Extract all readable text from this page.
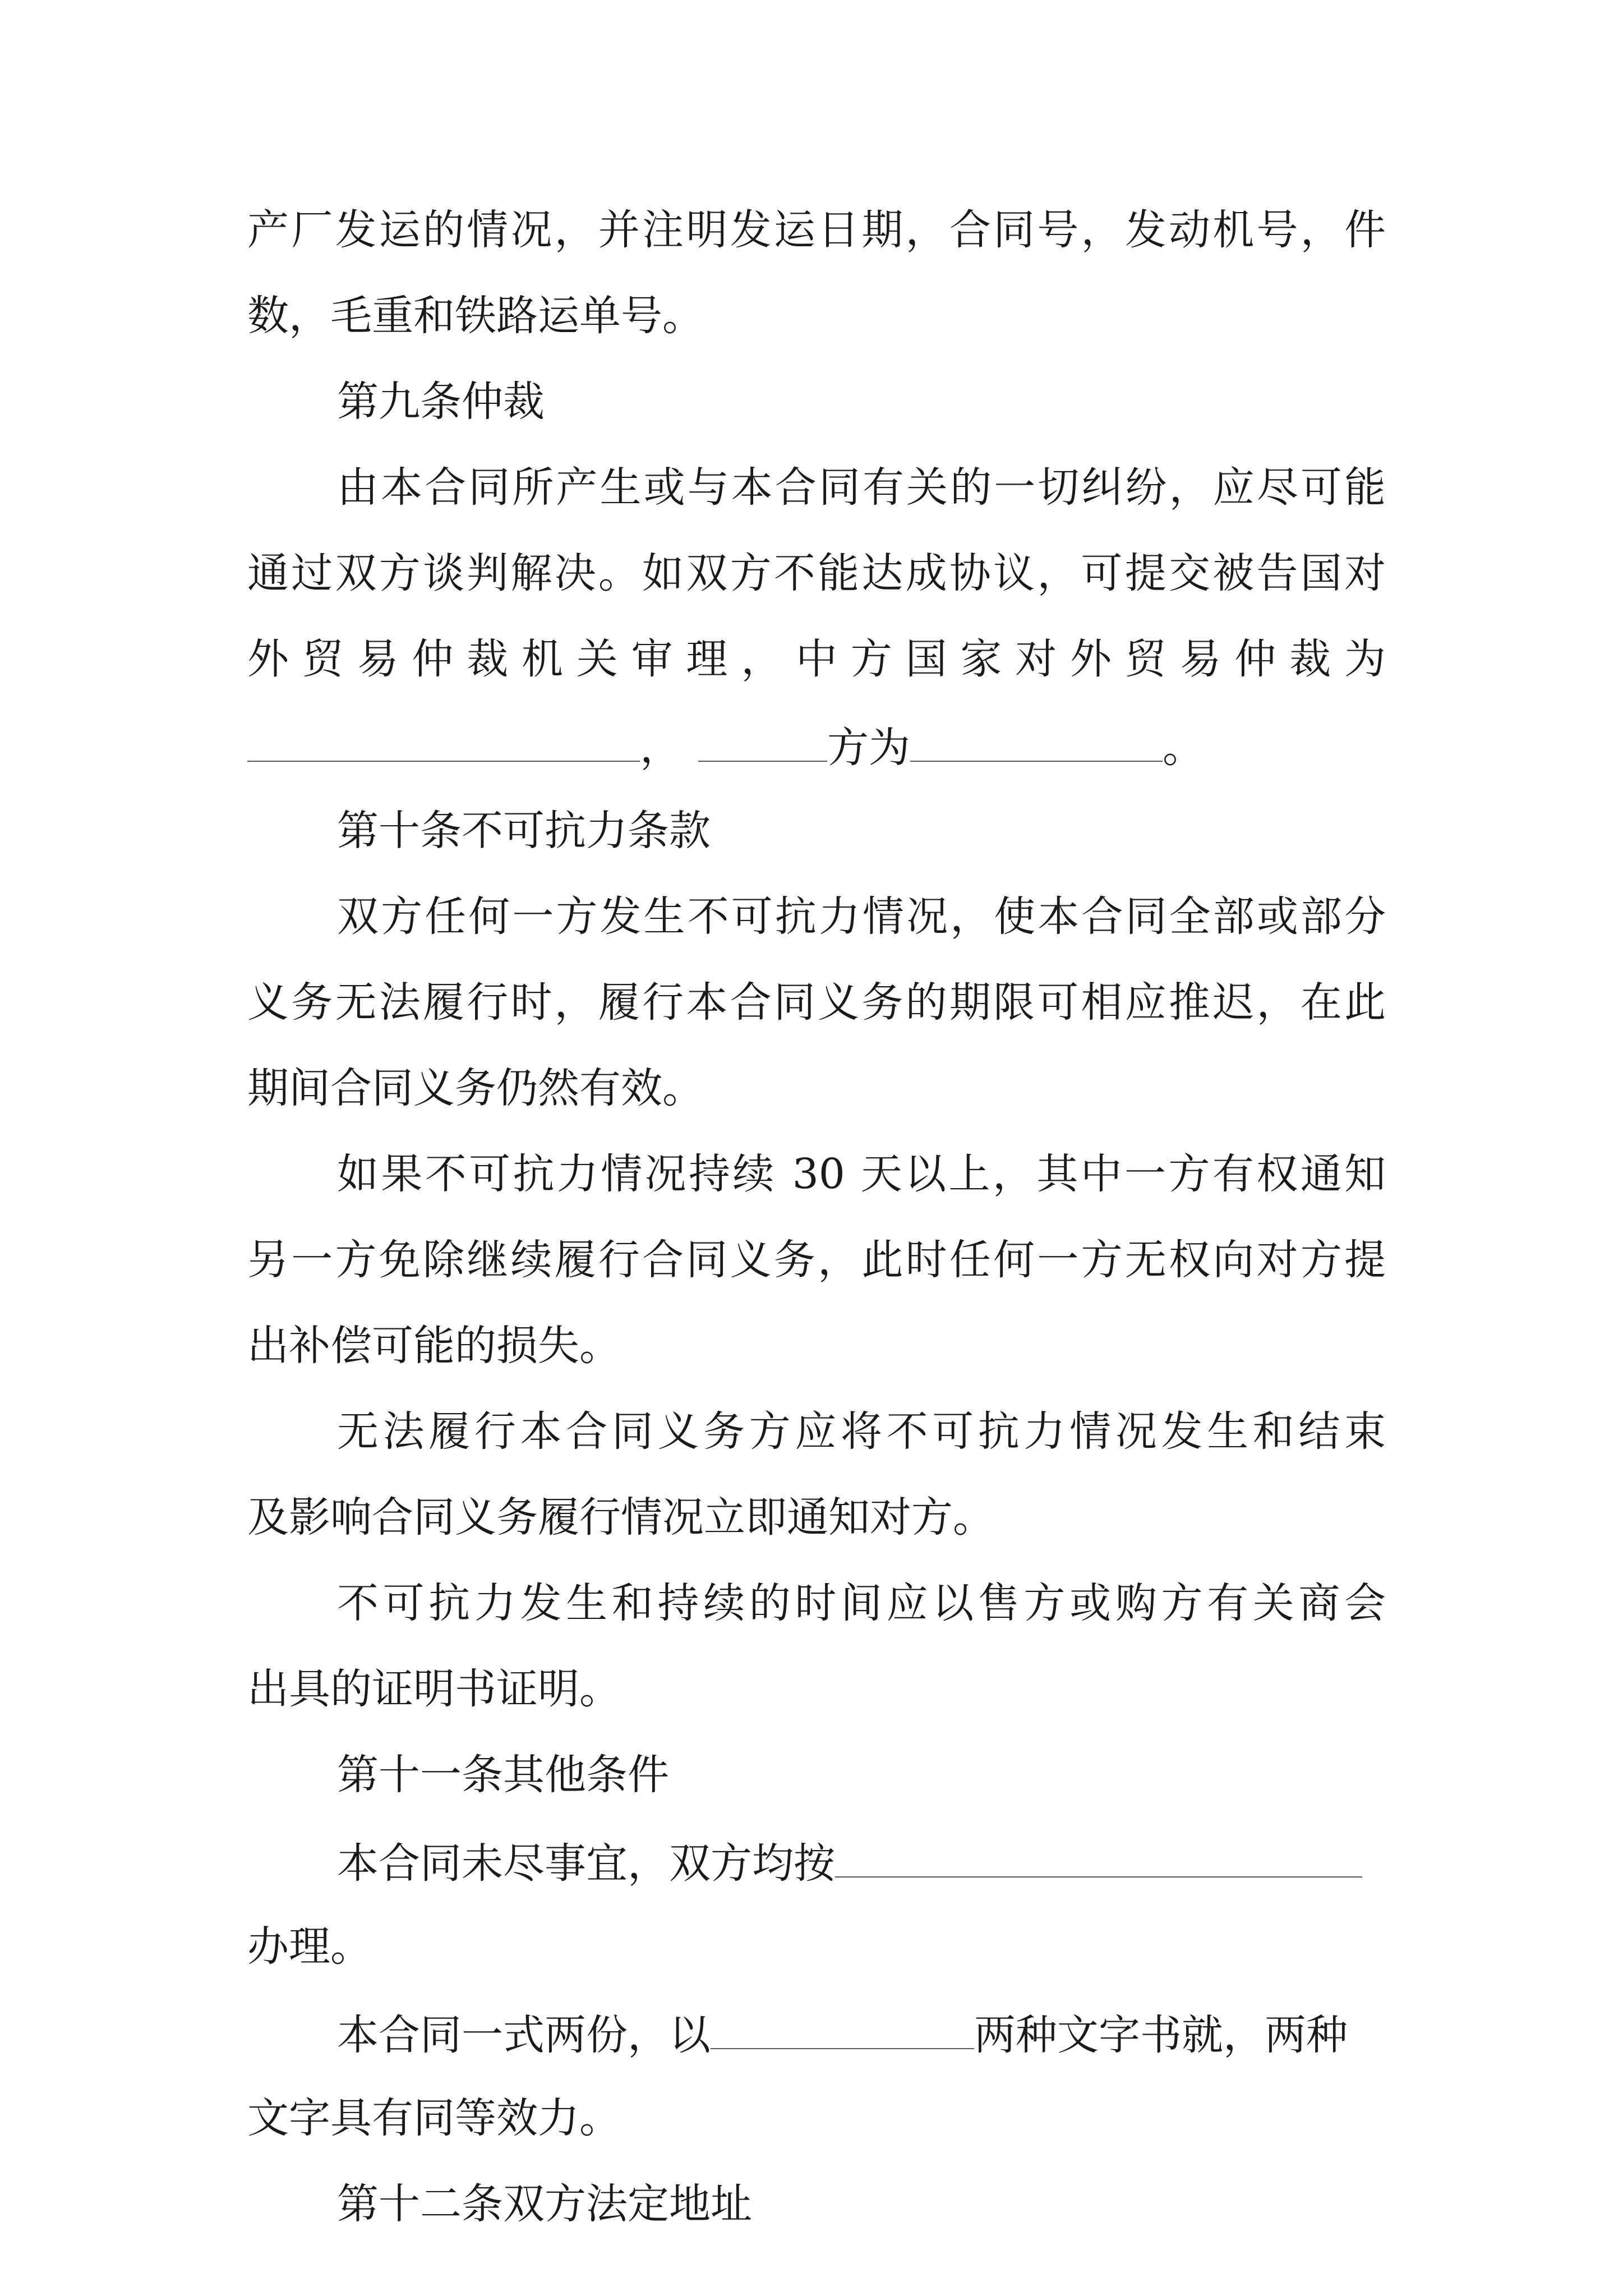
产厂发运的情况，并注明发运日期，合同号，发动机号，件
数，毛重和铁路运单号。
第九条仲裁
由本合同所产生或与本合同有关的一切纠纷，应尽可能
通过双方谈判解决。如双方不能达成协议，可提交被告国对
外贸易仲裁机关审理，中方国家对外贸易仲裁为
，	方为	。
第十条不可抗力条款
双方任何一方发生不可抗力情况，使本合同全部或部分
义务无法履行时，履行本合同义务的期限可相应推迟，在此
期间合同义务仍然有效。
如果不可抗力情况持续 30 天以上，其中一方有权通知
另一方免除继续履行合同义务，此时任何一方无权向对方提
出补偿可能的损失。
无法履行本合同义务方应将不可抗力情况发生和结束
及影响合同义务履行情况立即通知对方。
不可抗力发生和持续的时间应以售方或购方有关商会
出具的证明书证明。
第十一条其他条件
本合同未尽事宜，双方均按
办理。
本合同一式两份，以	两种文字书就，两种
文字具有同等效力。
第十二条双方法定地址
